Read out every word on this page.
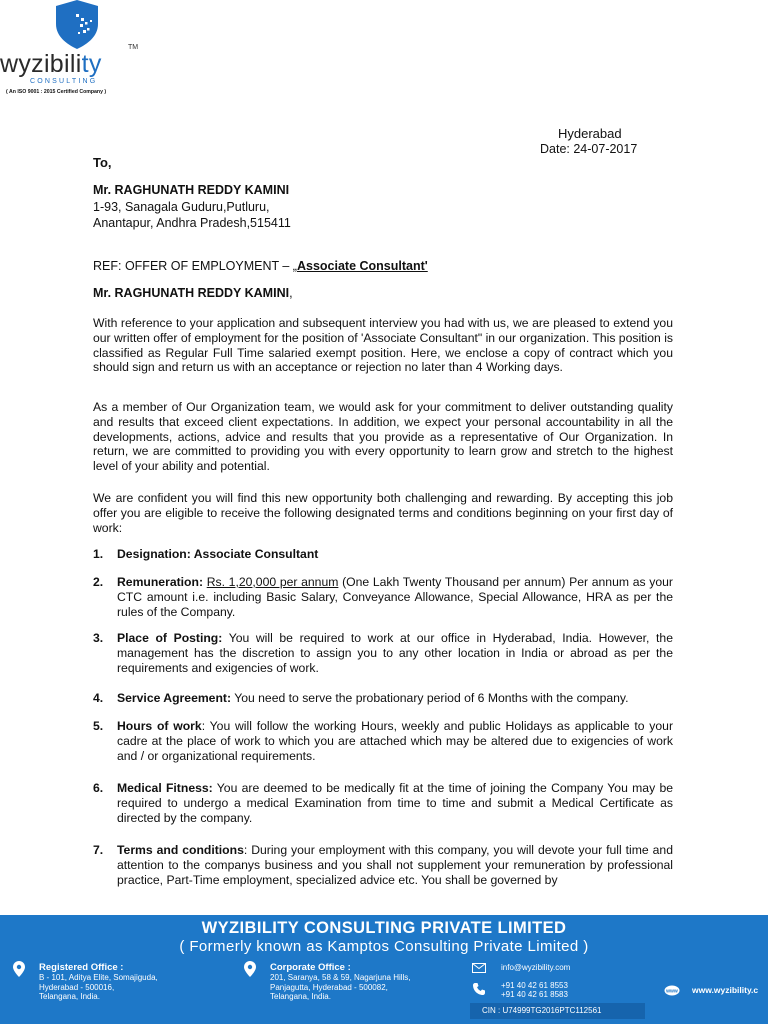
wyzibility
TM
CONSULTING
( An ISO 9001 : 2015 Certified Company )
Hyderabad
Date: 24-07-2017
To,
Mr. RAGHUNATH REDDY KAMINI
1-93, Sanagala Guduru,Putluru,
Anantapur, Andhra Pradesh,515411
REF: OFFER OF EMPLOYMENT – „Associate Consultant'
Mr. RAGHUNATH REDDY KAMINI,
With reference to your application and subsequent interview you had with us, we are pleased to extend you our written offer of employment for the position of 'Associate Consultant" in our organization. This position is classified as Regular Full Time salaried exempt position. Here, we enclose a copy of contract which you should sign and return us with an acceptance or rejection no later than 4 Working days.
As a member of Our Organization team, we would ask for your commitment to deliver outstanding quality and results that exceed client expectations. In addition, we expect your personal accountability in all the developments, actions, advice and results that you provide as a representative of Our Organization. In return, we are committed to providing you with every opportunity to learn grow and stretch to the highest level of your ability and potential.
We are confident you will find this new opportunity both challenging and rewarding. By accepting this job offer you are eligible to receive the following designated terms and conditions beginning on your first day of work:
1. Designation: Associate Consultant
2. Remuneration: Rs. 1,20,000 per annum (One Lakh Twenty Thousand per annum) Per annum as your CTC amount i.e. including Basic Salary, Conveyance Allowance, Special Allowance, HRA as per the rules of the Company.
3. Place of Posting: You will be required to work at our office in Hyderabad, India. However, the management has the discretion to assign you to any other location in India or abroad as per the requirements and exigencies of work.
4. Service Agreement: You need to serve the probationary period of 6 Months with the company.
5. Hours of work: You will follow the working Hours, weekly and public Holidays as applicable to your cadre at the place of work to which you are attached which may be altered due to exigencies of work and / or organizational requirements.
6. Medical Fitness: You are deemed to be medically fit at the time of joining the Company You may be required to undergo a medical Examination from time to time and submit a Medical Certificate as directed by the company.
7. Terms and conditions: During your employment with this company, you will devote your full time and attention to the companys business and you shall not supplement your remuneration by professional practice, Part-Time employment, specialized advice etc. You shall be governed by
WYZIBILITY CONSULTING PRIVATE LIMITED
( Formerly known as Kamptos Consulting Private Limited )
Registered Office :
B - 101, Aditya Elite, Somajiguda,
Hyderabad - 500016,
Telangana, India.
Corporate Office :
201, Saranya, 58 & 59, Nagarjuna Hills,
Panjagutta, Hyderabad - 500082,
Telangana, India.
info@wyzibility.com
+91 40 42 61 8553
+91 40 42 61 8583
CIN : U74999TG2016PTC112561
www www.wyzibility.c
